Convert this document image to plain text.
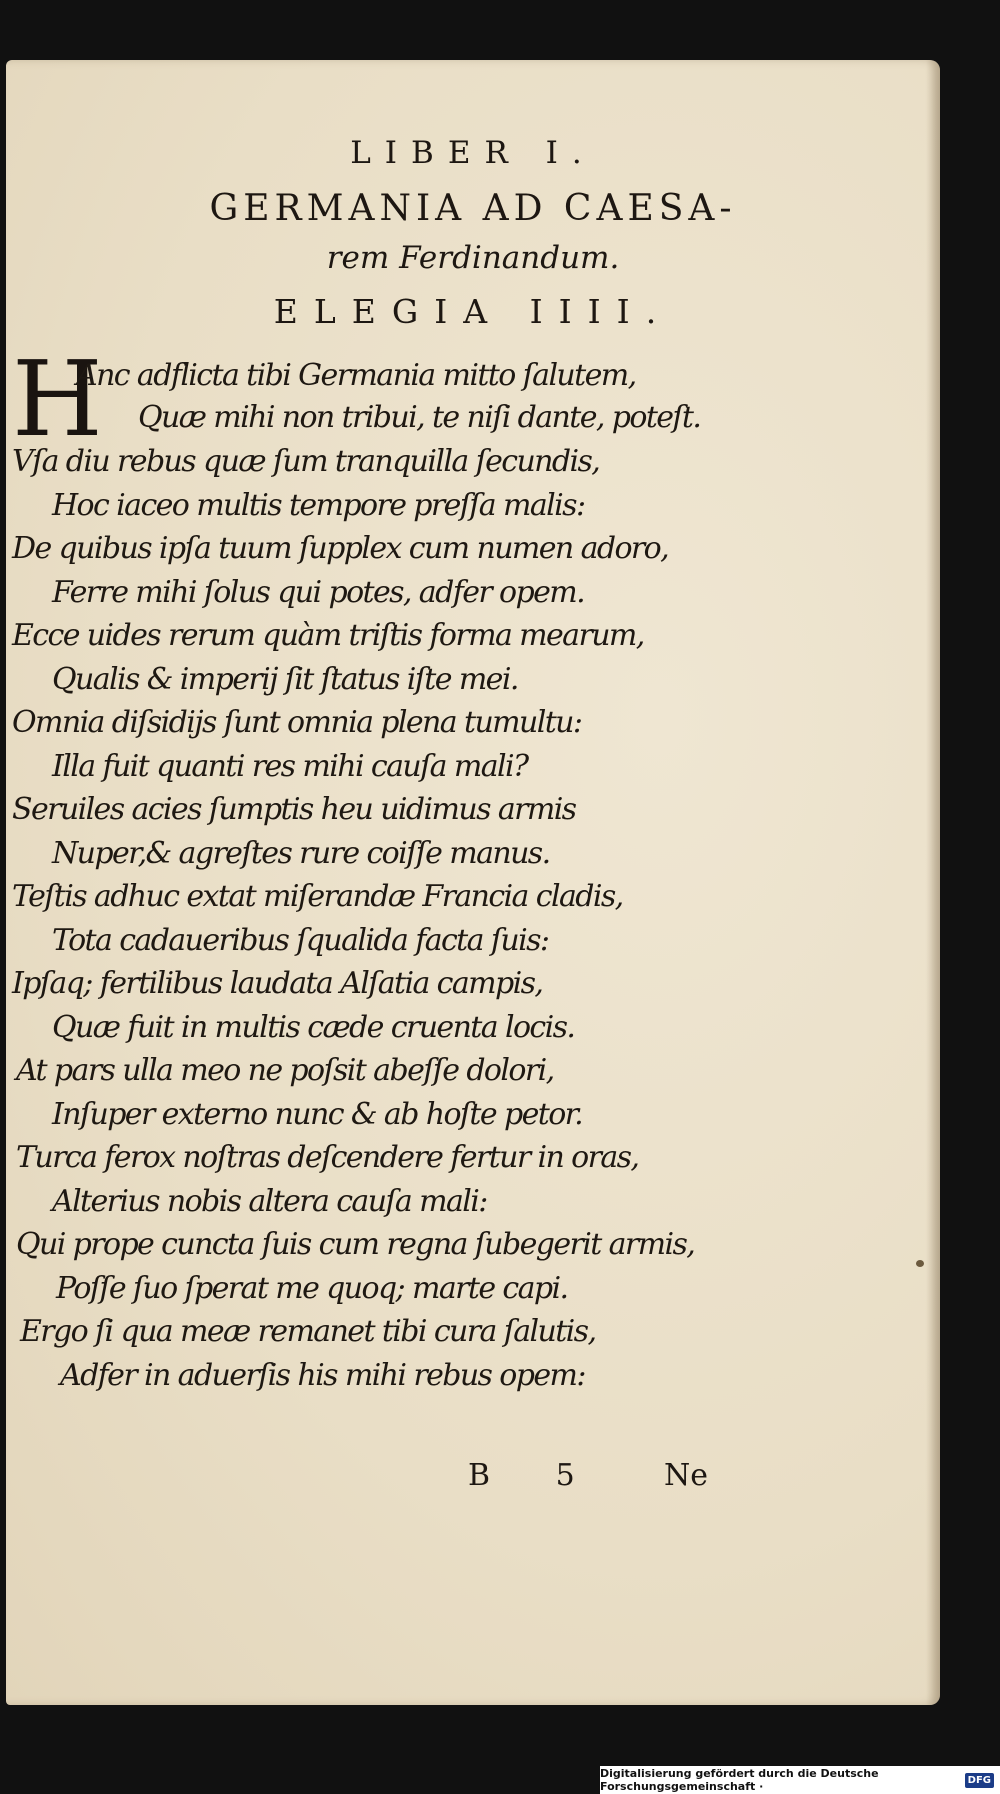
LIBER I.
GERMANIA AD CAESA-
rem Ferdinandum.
ELEGIA IIII.
H
Anc adflicta tibi Germania mitto ſalutem,
Quæ mihi non tribui, te niſi dante, poteſt.
Vſa diu rebus quæ ſum tranquilla ſecundis,
Hoc iaceo multis tempore preſſa malis:
De quibus ipſa tuum ſupplex cum numen adoro,
Ferre mihi ſolus qui potes, adfer opem.
Ecce uides rerum quàm triſtis forma mearum,
Qualis & imperij ſit ſtatus iſte mei.
Omnia diſsidijs ſunt omnia plena tumultu:
Illa fuit quanti res mihi cauſa mali?
Seruiles acies ſumptis heu uidimus armis
Nuper,& agreſtes rure coiſſe manus.
Teſtis adhuc extat miſerandæ Francia cladis,
Tota cadaueribus ſqualida facta ſuis:
Ipſaq; fertilibus laudata Alſatia campis,
Quæ fuit in multis cæde cruenta locis.
At pars ulla meo ne poſsit abeſſe dolori,
Inſuper externo nunc & ab hoſte petor.
Turca ferox noſtras deſcendere fertur in oras,
Alterius nobis altera cauſa mali:
Qui prope cuncta ſuis cum regna ſubegerit armis,
Poſſe ſuo ſperat me quoq; marte capi.
Ergo ſi qua meæ remanet tibi cura ſalutis,
Adfer in aduerſis his mihi rebus opem:
B 5 Ne
Digitalisierung gefördert durch die Deutsche Forschungsgemeinschaft ·	DFG
